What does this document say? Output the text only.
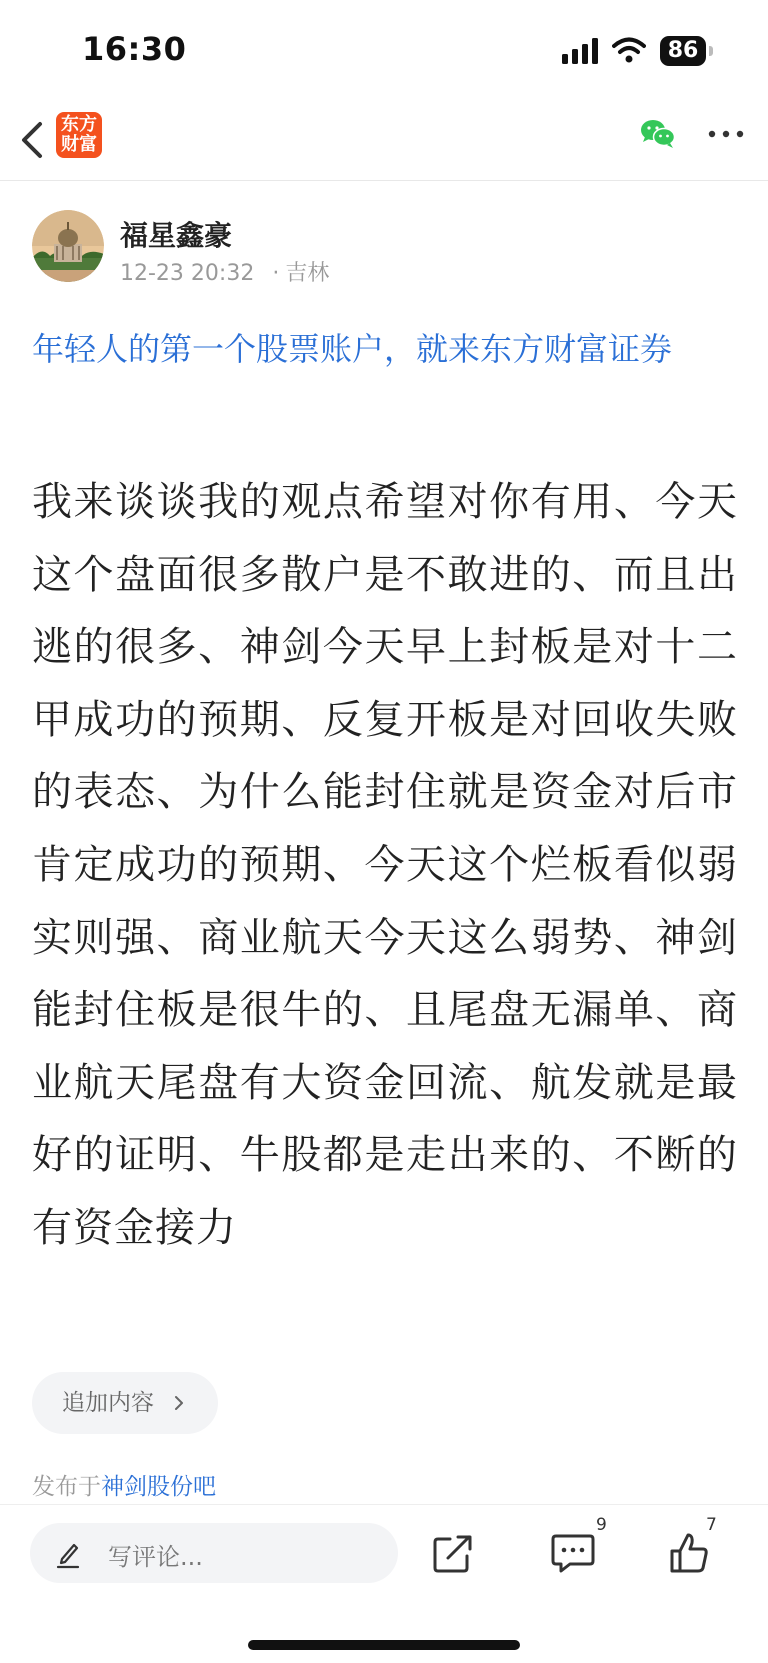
16:30	86
东方
财富
福星鑫豪
12-23 20:32 · 吉林
年轻人的第一个股票账户，就来东方财富证券
我来谈谈我的观点希望对你有用、今天这个盘面很多散户是不敢进的、而且出逃的很多、神剑今天早上封板是对十二甲成功的预期、反复开板是对回收失败的表态、为什么能封住就是资金对后市肯定成功的预期、今天这个烂板看似弱实则强、商业航天今天这么弱势、神剑能封住板是很牛的、且尾盘无漏单、商业航天尾盘有大资金回流、航发就是最好的证明、牛股都是走出来的、不断的有资金接力
追加内容
发布于神剑股份吧
写评论...
9	7
